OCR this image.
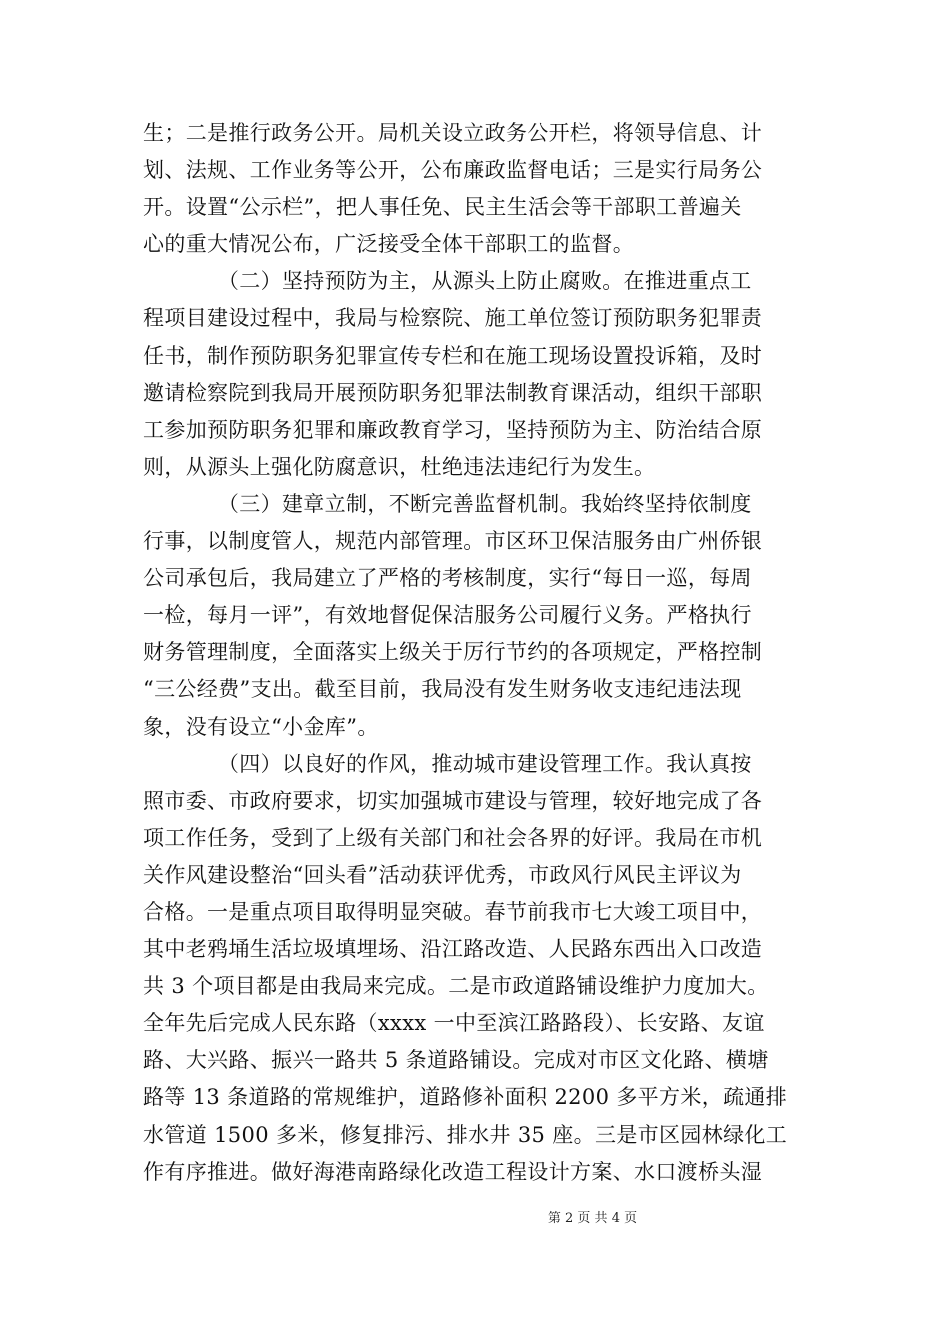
生；二是推行政务公开。局机关设立政务公开栏，将领导信息、计
划、法规、工作业务等公开，公布廉政监督电话；三是实行局务公
开。设置“公示栏”，把人事任免、民主生活会等干部职工普遍关
心的重大情况公布，广泛接受全体干部职工的监督。
　　　　（二）坚持预防为主，从源头上防止腐败。在推进重点工
程项目建设过程中，我局与检察院、施工单位签订预防职务犯罪责
任书，制作预防职务犯罪宣传专栏和在施工现场设置投诉箱，及时
邀请检察院到我局开展预防职务犯罪法制教育课活动，组织干部职
工参加预防职务犯罪和廉政教育学习，坚持预防为主、防治结合原
则，从源头上强化防腐意识，杜绝违法违纪行为发生。
　　　　（三）建章立制，不断完善监督机制。我始终坚持依制度
行事，以制度管人，规范内部管理。市区环卫保洁服务由广州侨银
公司承包后，我局建立了严格的考核制度，实行“每日一巡，每周
一检，每月一评”，有效地督促保洁服务公司履行义务。严格执行
财务管理制度，全面落实上级关于厉行节约的各项规定，严格控制
“三公经费”支出。截至目前，我局没有发生财务收支违纪违法现
象，没有设立“小金库”。
　　　　（四）以良好的作风，推动城市建设管理工作。我认真按
照市委、市政府要求，切实加强城市建设与管理，较好地完成了各
项工作任务，受到了上级有关部门和社会各界的好评。我局在市机
关作风建设整治“回头看”活动获评优秀，市政风行风民主评议为
合格。一是重点项目取得明显突破。春节前我市七大竣工项目中，
其中老鸦埇生活垃圾填埋场、沿江路改造、人民路东西出入口改造
共 3 个项目都是由我局来完成。二是市政道路铺设维护力度加大。
全年先后完成人民东路（xxxx 一中至滨江路路段）、长安路、友谊
路、大兴路、振兴一路共 5 条道路铺设。完成对市区文化路、横塘
路等 13 条道路的常规维护，道路修补面积 2200 多平方米，疏通排
水管道 1500 多米，修复排污、排水井 35 座。三是市区园林绿化工
作有序推进。做好海港南路绿化改造工程设计方案、水口渡桥头湿
第 2 页 共 4 页
